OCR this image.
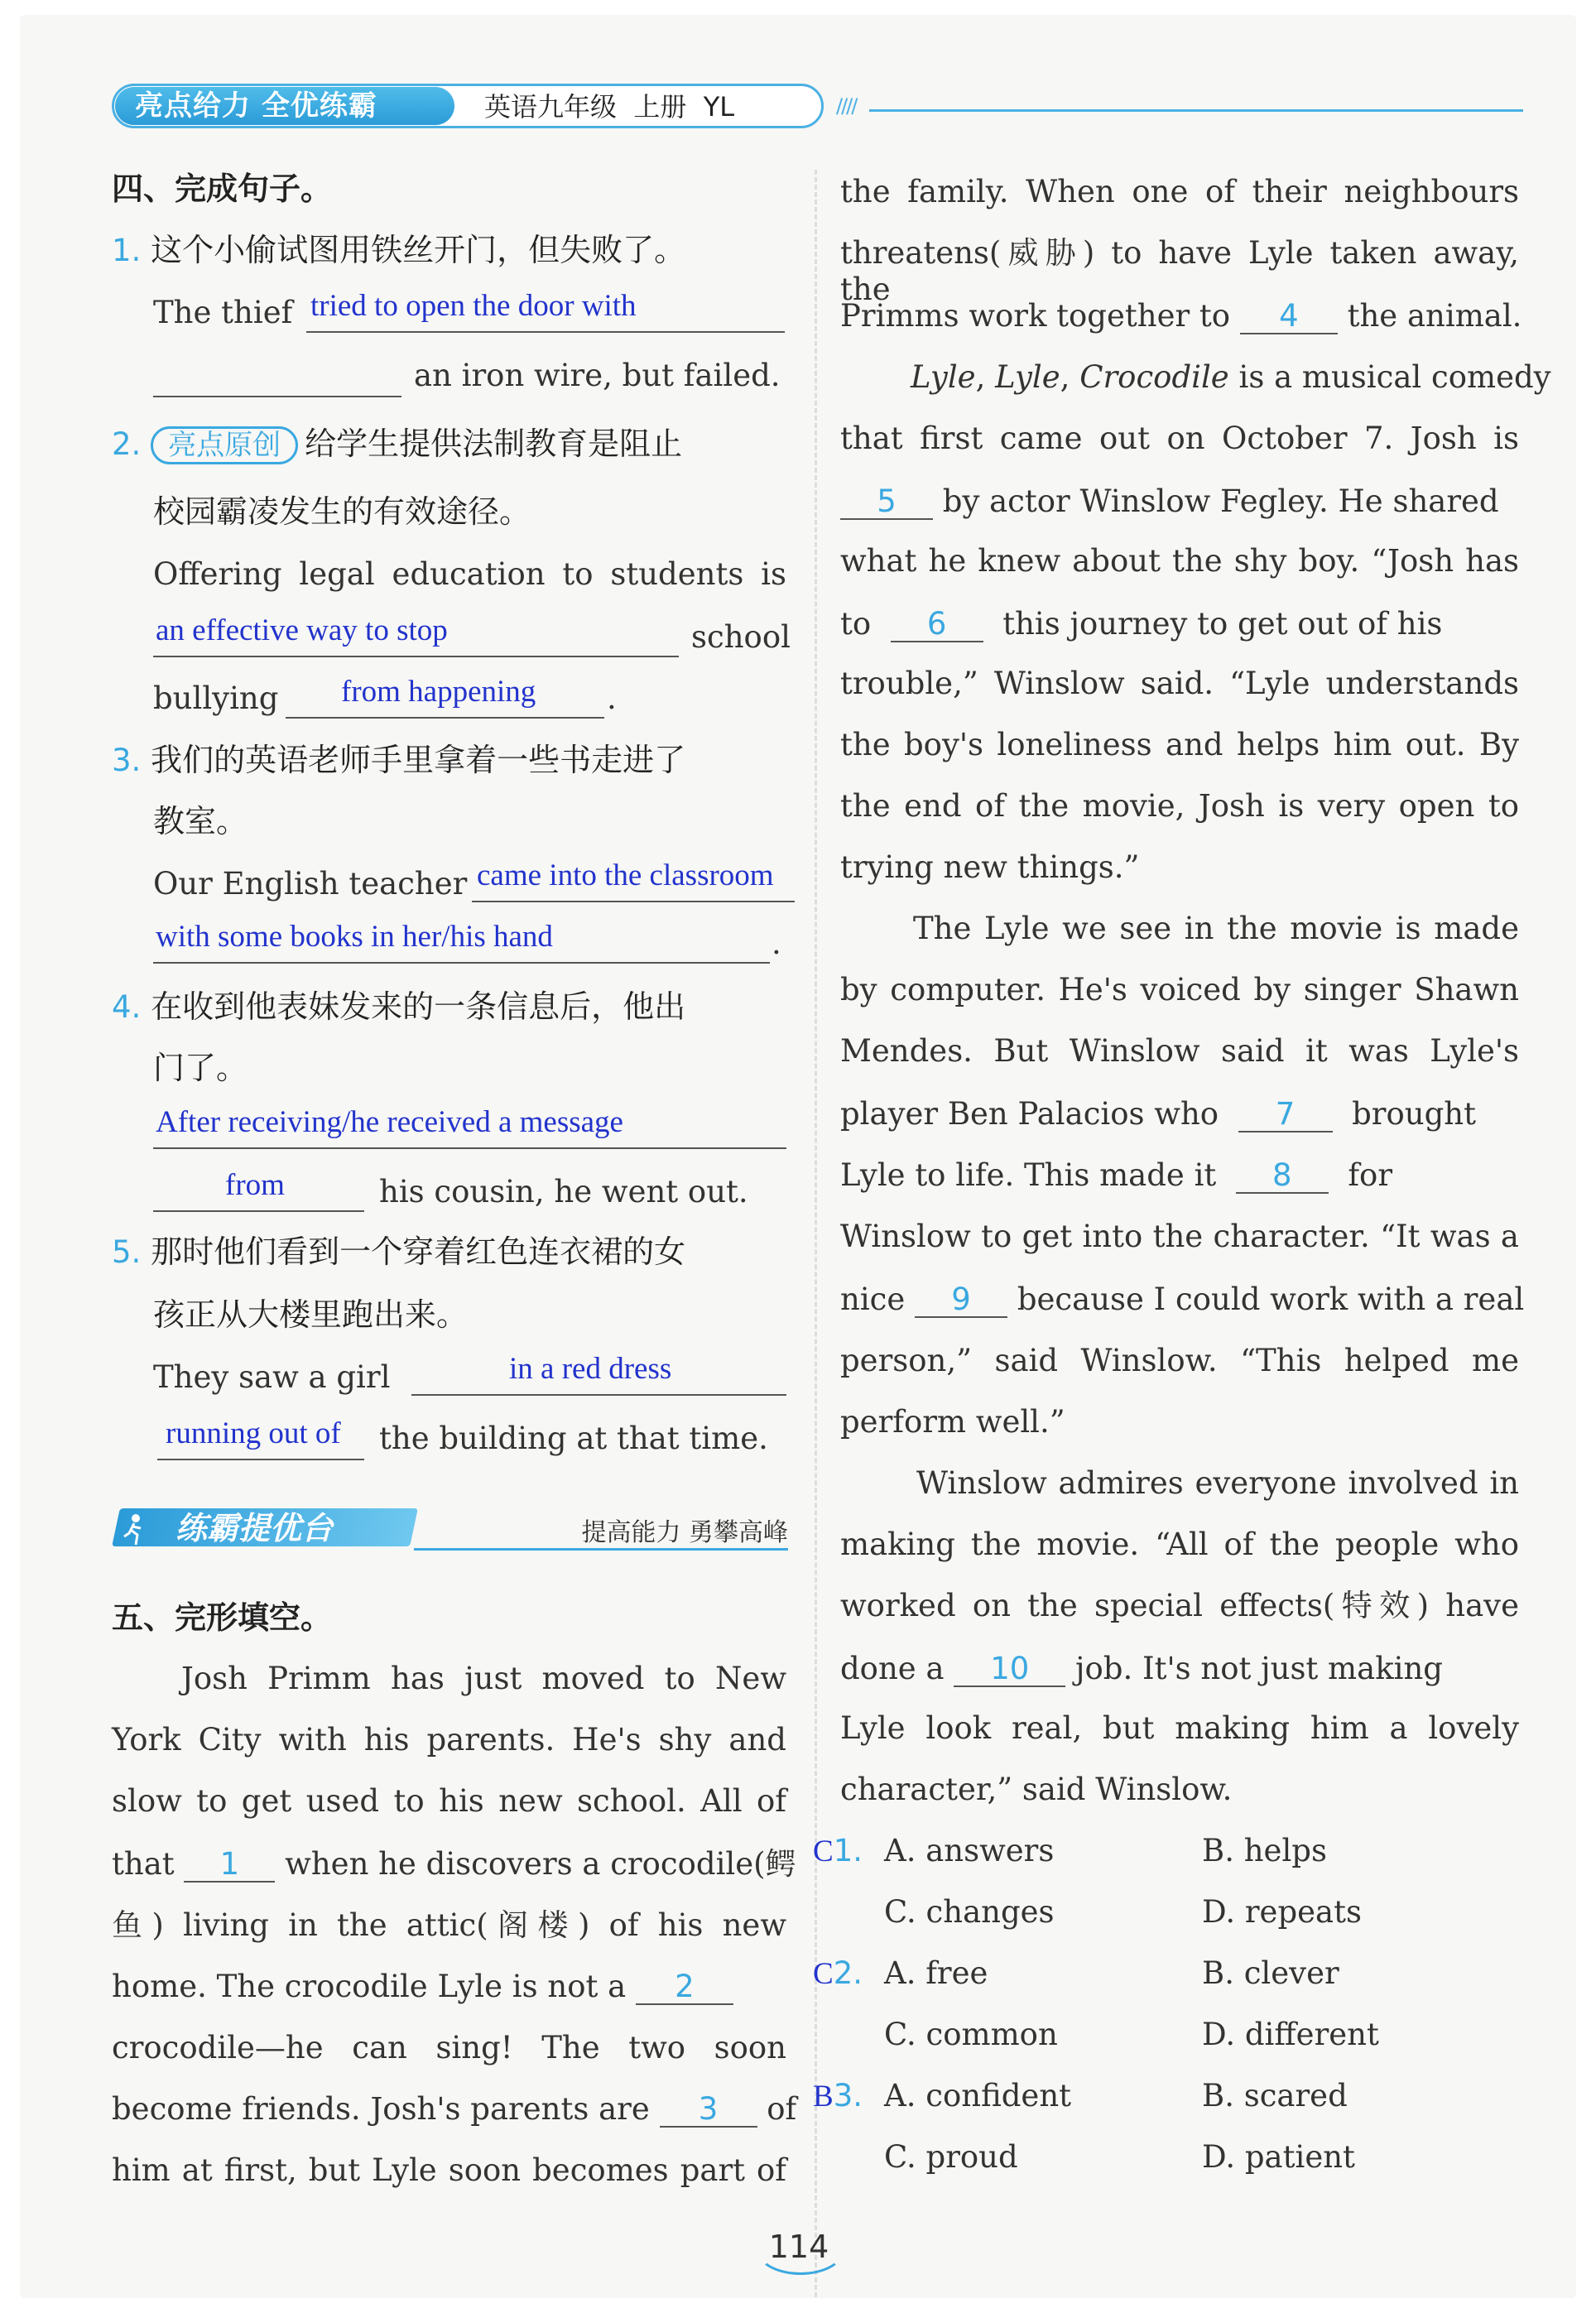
亮点给力 全优练霸	英语九年级  上册  YL	////
四、完成句子。
1. 这个小偷试图用铁丝开门，但失败了。
The thief tried to open the door with
an iron wire, but failed.
2. 亮点原创 给学生提供法制教育是阻止
校园霸凌发生的有效途径。
Offering legal education to students is
an effective way to stop	school
bullying from happening .
3. 我们的英语老师手里拿着一些书走进了
教室。
Our English teacher came into the classroom
with some books in her/his hand	.
4. 在收到他表妹发来的一条信息后，他出
门了。
After receiving/he received a message
from	his cousin, he went out.
5. 那时他们看到一个穿着红色连衣裙的女
孩正从大楼里跑出来。
They saw a girl	in a red dress
running out of the building at that time.
练霸提优台	提高能力 勇攀高峰
五、完形填空。
Josh Primm has just moved to New
York City with his parents. He's shy and
slow to get used to his new school. All of
that 1 when he discovers a crocodile(鳄
鱼) living in the attic(阁楼) of his new
home. The crocodile Lyle is not a 2
crocodile—he can sing! The two soon
become friends. Josh's parents are 3 of
him at first, but Lyle soon becomes part of
the family. When one of their neighbours
threatens(威胁) to have Lyle taken away, the
Primms work together to 4 the animal.
Lyle, Lyle, Crocodile is a musical comedy
that first came out on October 7. Josh is
5 by actor Winslow Fegley. He shared
what he knew about the shy boy. “Josh has
to 6 this journey to get out of his
trouble,” Winslow said. “Lyle understands
the boy's loneliness and helps him out. By
the end of the movie, Josh is very open to
trying new things.”
The Lyle we see in the movie is made
by computer. He's voiced by singer Shawn
Mendes. But Winslow said it was Lyle's
player Ben Palacios who 7 brought
Lyle to life. This made it 8 for
Winslow to get into the character. “It was a
nice 9 because I could work with a real
person,” said Winslow. “This helped me
perform well.”
Winslow admires everyone involved in
making the movie. “All of the people who
worked on the special effects(特效) have
done a 10 job. It's not just making
Lyle look real, but making him a lovely
character,” said Winslow.
C1. A. answers	B. helps
C. changes	D. repeats
C2. A. free	B. clever
C. common	D. different
B3. A. confident	B. scared
C. proud	D. patient
114
